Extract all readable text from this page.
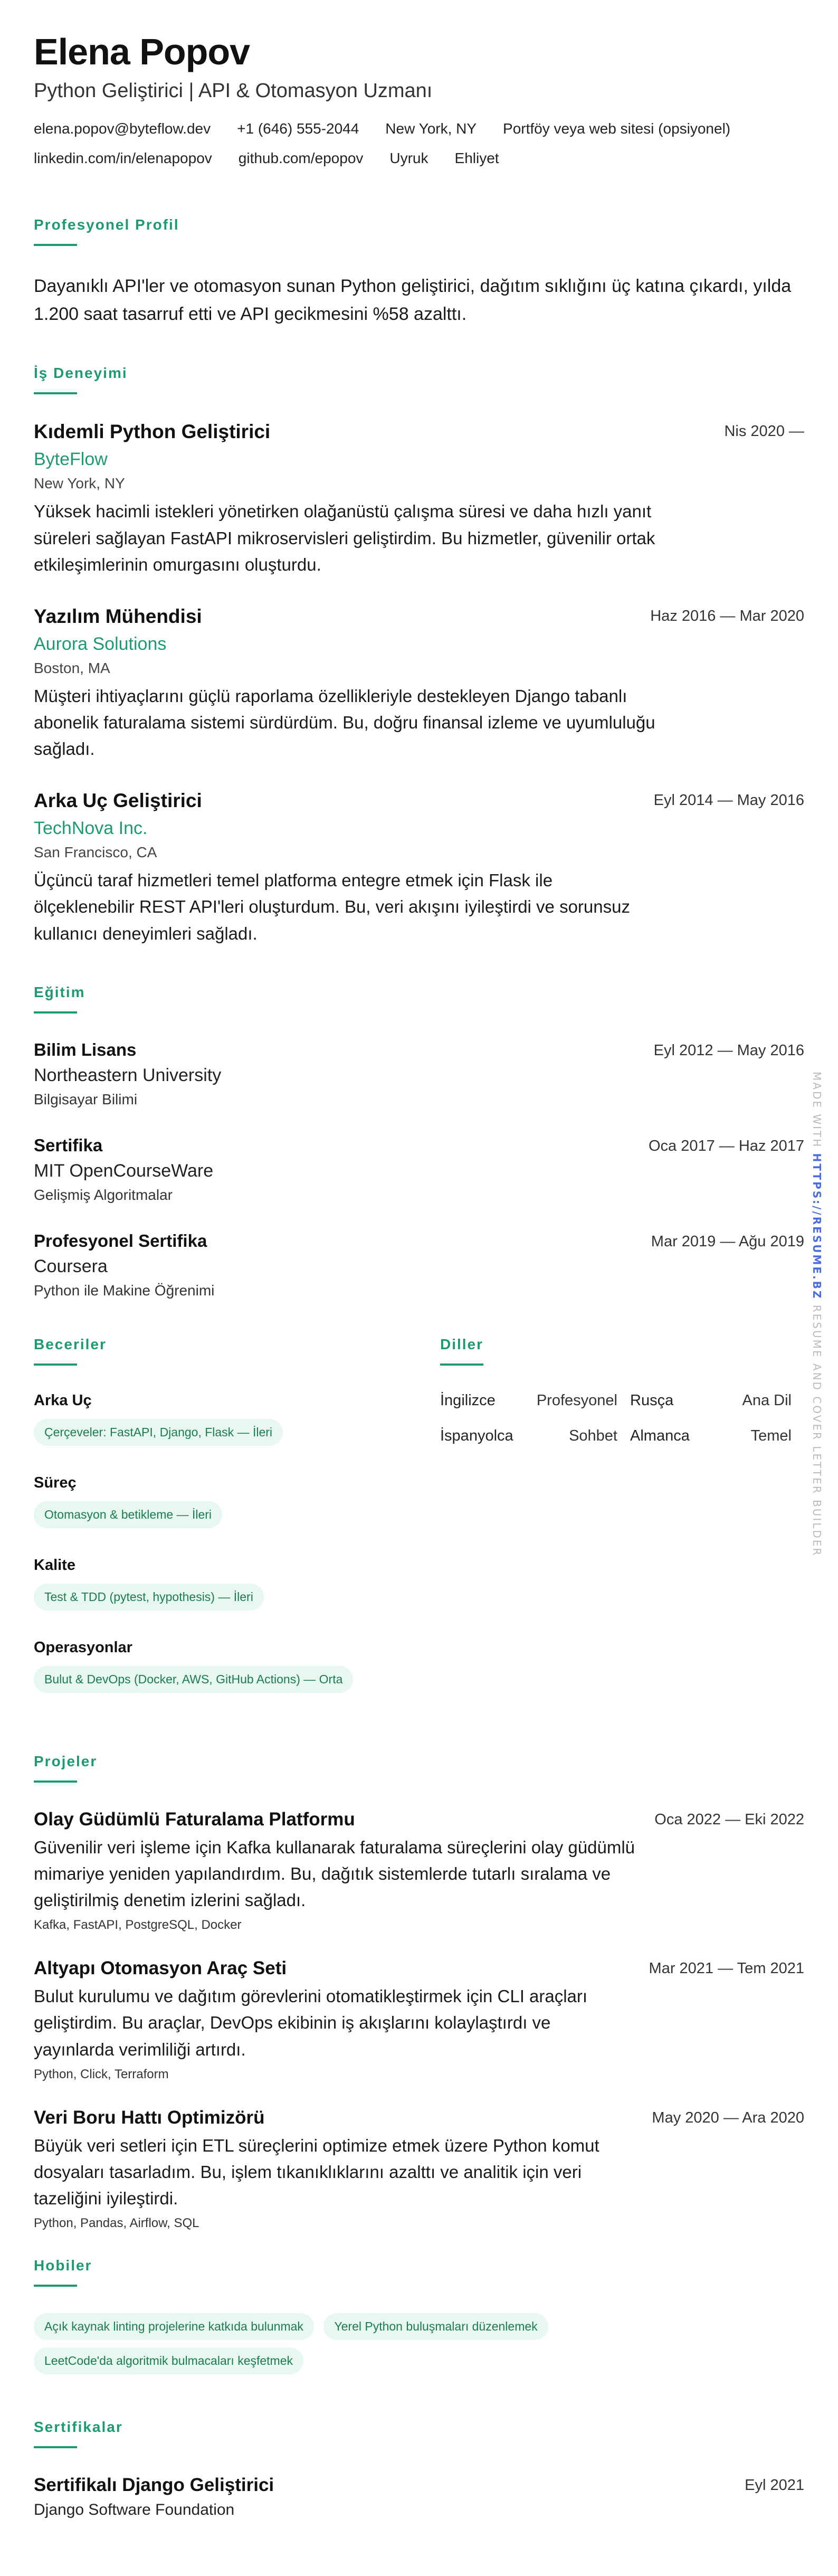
Elena Popov
Python Geliştirici | API & Otomasyon Uzmanı
elena.popov@byteflow.dev +1 (646) 555-2044 New York, NY Portföy veya web sitesi (opsiyonel)
linkedin.com/in/elenapopov github.com/epopov Uyruk Ehliyet
Profesyonel Profil
Dayanıklı API'ler ve otomasyon sunan Python geliştirici, dağıtım sıklığını üç katına çıkardı, yılda 1.200 saat tasarruf etti ve API gecikmesini %58 azalttı.
İş Deneyimi
Nis 2020 —
Kıdemli Python Geliştirici
ByteFlow
New York, NY
Yüksek hacimli istekleri yönetirken olağanüstü çalışma süresi ve daha hızlı yanıt süreleri sağlayan FastAPI mikroservisleri geliştirdim. Bu hizmetler, güvenilir ortak etkileşimlerinin omurgasını oluşturdu.
Haz 2016 — Mar 2020
Yazılım Mühendisi
Aurora Solutions
Boston, MA
Müşteri ihtiyaçlarını güçlü raporlama özellikleriyle destekleyen Django tabanlı abonelik faturalama sistemi sürdürdüm. Bu, doğru finansal izleme ve uyumluluğu sağladı.
Eyl 2014 — May 2016
Arka Uç Geliştirici
TechNova Inc.
San Francisco, CA
Üçüncü taraf hizmetleri temel platforma entegre etmek için Flask ile ölçeklenebilir REST API'leri oluşturdum. Bu, veri akışını iyileştirdi ve sorunsuz kullanıcı deneyimleri sağladı.
Eğitim
Eyl 2012 — May 2016
Bilim Lisans
Northeastern University
Bilgisayar Bilimi
Oca 2017 — Haz 2017
Sertifika
MIT OpenCourseWare
Gelişmiş Algoritmalar
Mar 2019 — Ağu 2019
Profesyonel Sertifika
Coursera
Python ile Makine Öğrenimi
Beceriler
Arka Uç
Çerçeveler: FastAPI, Django, Flask — İleri
Süreç
Otomasyon & betikleme — İleri
Kalite
Test & TDD (pytest, hypothesis) — İleri
Operasyonlar
Bulut & DevOps (Docker, AWS, GitHub Actions) — Orta
Diller
İngilizce	Profesyonel Rusça	Ana Dil
İspanyolca	Sohbet Almanca	Temel
Projeler
Oca 2022 — Eki 2022
Olay Güdümlü Faturalama Platformu
Güvenilir veri işleme için Kafka kullanarak faturalama süreçlerini olay güdümlü mimariye yeniden yapılandırdım. Bu, dağıtık sistemlerde tutarlı sıralama ve geliştirilmiş denetim izlerini sağladı.
Kafka, FastAPI, PostgreSQL, Docker
Mar 2021 — Tem 2021
Altyapı Otomasyon Araç Seti
Bulut kurulumu ve dağıtım görevlerini otomatikleştirmek için CLI araçları geliştirdim. Bu araçlar, DevOps ekibinin iş akışlarını kolaylaştırdı ve yayınlarda verimliliği artırdı.
Python, Click, Terraform
May 2020 — Ara 2020
Veri Boru Hattı Optimizörü
Büyük veri setleri için ETL süreçlerini optimize etmek üzere Python komut dosyaları tasarladım. Bu, işlem tıkanıklıklarını azalttı ve analitik için veri tazeliğini iyileştirdi.
Python, Pandas, Airflow, SQL
Hobiler
Açık kaynak linting projelerine katkıda bulunmak	Yerel Python buluşmaları düzenlemek LeetCode'da algoritmik bulmacaları keşfetmek
Sertifikalar
Eyl 2021
Sertifikalı Django Geliştirici
Django Software Foundation
MADE WITH HTTPS://RESUME.BZ RESUME AND COVER LETTER BUILDER
